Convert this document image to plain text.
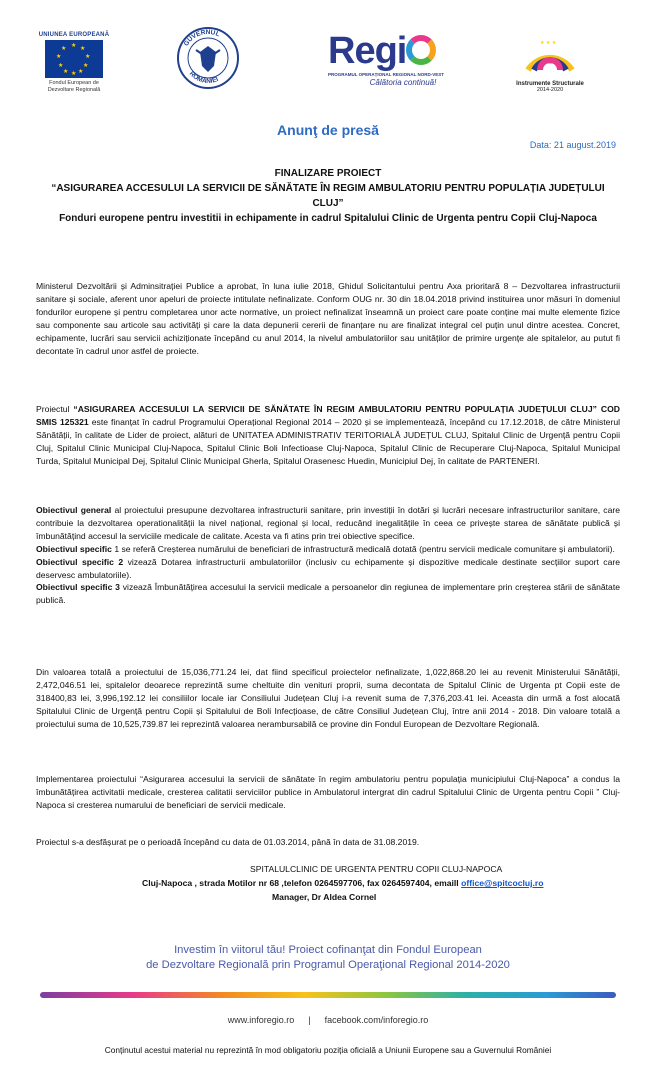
UNIUNEA EUROPEANĂ
★ ★
★
★
★
★
★
★
★
★
Fondul European de
Dezvoltare Regională
GUVERNUL
ROMÂNIEI
Regi
PROGRAMUL OPERAȚIONAL REGIONAL NORD-VEST
Călătoria continuă!
★ ★ ★
Instrumente Structurale
2014-2020
Anunţ de presă
Data: 21 august.2019
FINALIZARE PROIECT
“ASIGURAREA ACCESULUI LA SERVICII DE SĂNĂTATE ÎN REGIM AMBULATORIU PENTRU POPULAȚIA JUDEȚULUI CLUJ”
Fonduri europene pentru investitii in echipamente in cadrul Spitalului Clinic de Urgenta pentru Copii Cluj-Napoca
Ministerul Dezvoltării și Adminsitrației Publice a aprobat, în luna iulie 2018, Ghidul Solicitantului pentru Axa prioritară 8 – Dezvoltarea infrastructurii sanitare și sociale, aferent unor apeluri de proiecte intitulate nefinalizate. Conform OUG nr. 30 din 18.04.2018 privind instituirea unor măsuri în domeniul fondurilor europene și pentru completarea unor acte normative, un proiect nefinalizat înseamnă un proiect care poate conține mai multe elemente fizice sau componente sau articole sau activități și care la data depunerii cererii de finanțare nu are finalizat integral cel puțin unul dintre acestea. Concret, echipamente, lucrări sau servicii achiziționate începând cu anul 2014, la nivelul ambulatoriilor sau unităților de primire urgențe ale spitalelor, au putut fi decontate în cadrul unor astfel de proiecte.
Proiectul “ASIGURAREA ACCESULUI LA SERVICII DE SĂNĂTATE ÎN REGIM AMBULATORIU PENTRU POPULAȚIA JUDEȚULUI CLUJ” COD SMIS 125321 este finanțat în cadrul Programului Operațional Regional 2014 – 2020 și se implementează, începând cu 17.12.2018, de către Ministerul Sănătății, în calitate de Lider de proiect, alături de UNITATEA ADMINISTRATIV TERITORIALĂ JUDEȚUL CLUJ, Spitalul Clinic de Urgență pentru Copii Cluj, Spitalul Clinic Municipal Cluj-Napoca, Spitalul Clinic Boli Infectioase Cluj-Napoca, Spitalul Clinic de Recuperare Cluj-Napoca, Spitalul Municipal Turda, Spitalul Municipal Dej, Spitalul Clinic Municipal Gherla, Spitalul Orasenesc Huedin, Municipiul Dej, în calitate de PARTENERI.
Obiectivul general al proiectului presupune dezvoltarea infrastructurii sanitare, prin investiții în dotări și lucrări necesare infrastructurilor sanitare, care contribuie la dezvoltarea operationalității la nivel național, regional și local, reducând inegalitățile în ceea ce privește starea de sănătate publică și îmbunătățind accesul la serviciile medicale de calitate. Acesta va fi atins prin trei obiective specifice.
Obiectivul specific 1 se referă Creșterea numărului de beneficiari de infrastructură medicală dotată (pentru servicii medicale comunitare și ambulatorii).
Obiectivul specific 2 vizează Dotarea infrastructurii ambulatoriilor (inclusiv cu echipamente și dispozitive medicale destinate secțiilor suport care deservesc ambulatoriile).
Obiectivul specific 3 vizează Îmbunătățirea accesului la servicii medicale a persoanelor din regiunea de implementare prin creșterea stării de sănătate publică.
Din valoarea totală a proiectului de 15,036,771.24 lei, dat fiind specificul proiectelor nefinalizate, 1,022,868.20 lei au revenit Ministerului Sănătății, 2,472,046.51 lei, spitalelor deoarece reprezintă sume cheltuite din venituri proprii, suma decontata de Spitalul Clinic de Urgenta pt Copii este de 318400,83 lei, 3,996,192.12 lei consiliilor locale iar Consiliului Județean Cluj i-a revenit suma de 7,376,203.41 lei. Aceasta din urmă a fost alocată Spitalului Clinic de Urgență pentru Copii și Spitalului de Boli Infecțioase, de către Consiliul Județean Cluj, între anii 2014 - 2018. Din valoare totală a proiectului suma de 10,525,739.87 lei reprezintă valoarea nerambursabilă ce provine din Fondul European de Dezvoltare Regională.
Implementarea proiectului “Asigurarea accesului la servicii de sănătate în regim ambulatoriu pentru populația municipiului Cluj-Napoca” a condus la îmbunătățirea activitatii medicale, cresterea calitatii serviciilor publice in Ambulatorul intergrat din cadrul Spitalului Clinic de Urgenta pentru Copii ” Cluj-Napoca si cresterea numarului de beneficiari de servicii medicale.
Proiectul s-a desfășurat pe o perioadă începând cu data de 01.03.2014, până în data de 31.08.2019.
SPITALULCLINIC DE URGENTA PENTRU COPII CLUJ-NAPOCA
Cluj-Napoca , strada Motilor nr 68 ,telefon 0264597706, fax 0264597404, emaill office@spitcocluj.ro
Manager, Dr Aldea Cornel
Investim în viitorul tău! Proiect cofinanţat din Fondul European
de Dezvoltare Regională prin Programul Operaţional Regional 2014-2020
www.inforegio.ro | facebook.com/inforegio.ro
Conținutul acestui material nu reprezintă în mod obligatoriu poziția oficială a Uniunii Europene sau a Guvernului României
